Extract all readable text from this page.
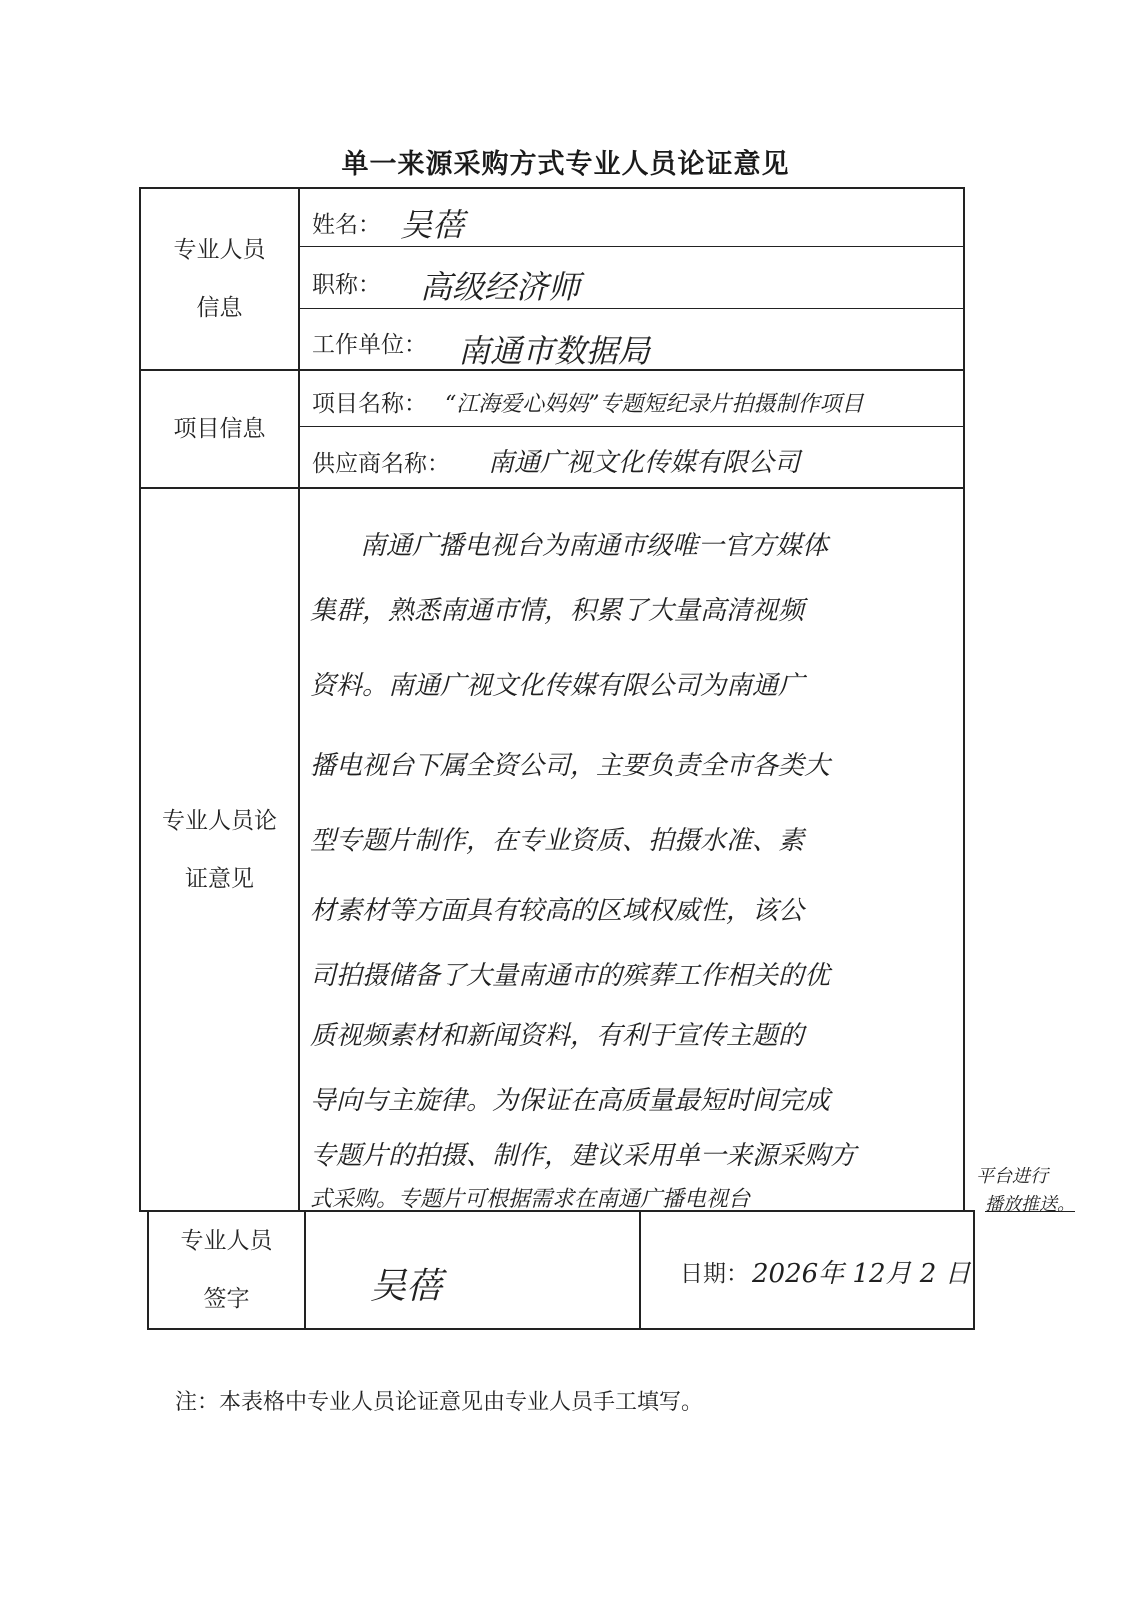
单一来源采购方式专业人员论证意见
专业人员
信息
项目信息
专业人员论
证意见
专业人员
签字
姓名： 吴蓓
职称： 高级经济师
工作单位： 南通市数据局
项目名称： “江海爱心妈妈”专题短纪录片拍摄制作项目
供应商名称： 南通广视文化传媒有限公司
南通广播电视台为南通市级唯一官方媒体
集群，熟悉南通市情，积累了大量高清视频
资料。南通广视文化传媒有限公司为南通广
播电视台下属全资公司，主要负责全市各类大
型专题片制作，在专业资质、拍摄水准、素
材素材等方面具有较高的区域权威性，该公
司拍摄储备了大量南通市的殡葬工作相关的优
质视频素材和新闻资料，有利于宣传主题的
导向与主旋律。为保证在高质量最短时间完成
专题片的拍摄、制作，建议采用单一来源采购方
式采购。专题片可根据需求在南通广播电视台
平台进行
播放推送。
吴蓓	日期： 2026年 12月 2 日
注：本表格中专业人员论证意见由专业人员手工填写。
